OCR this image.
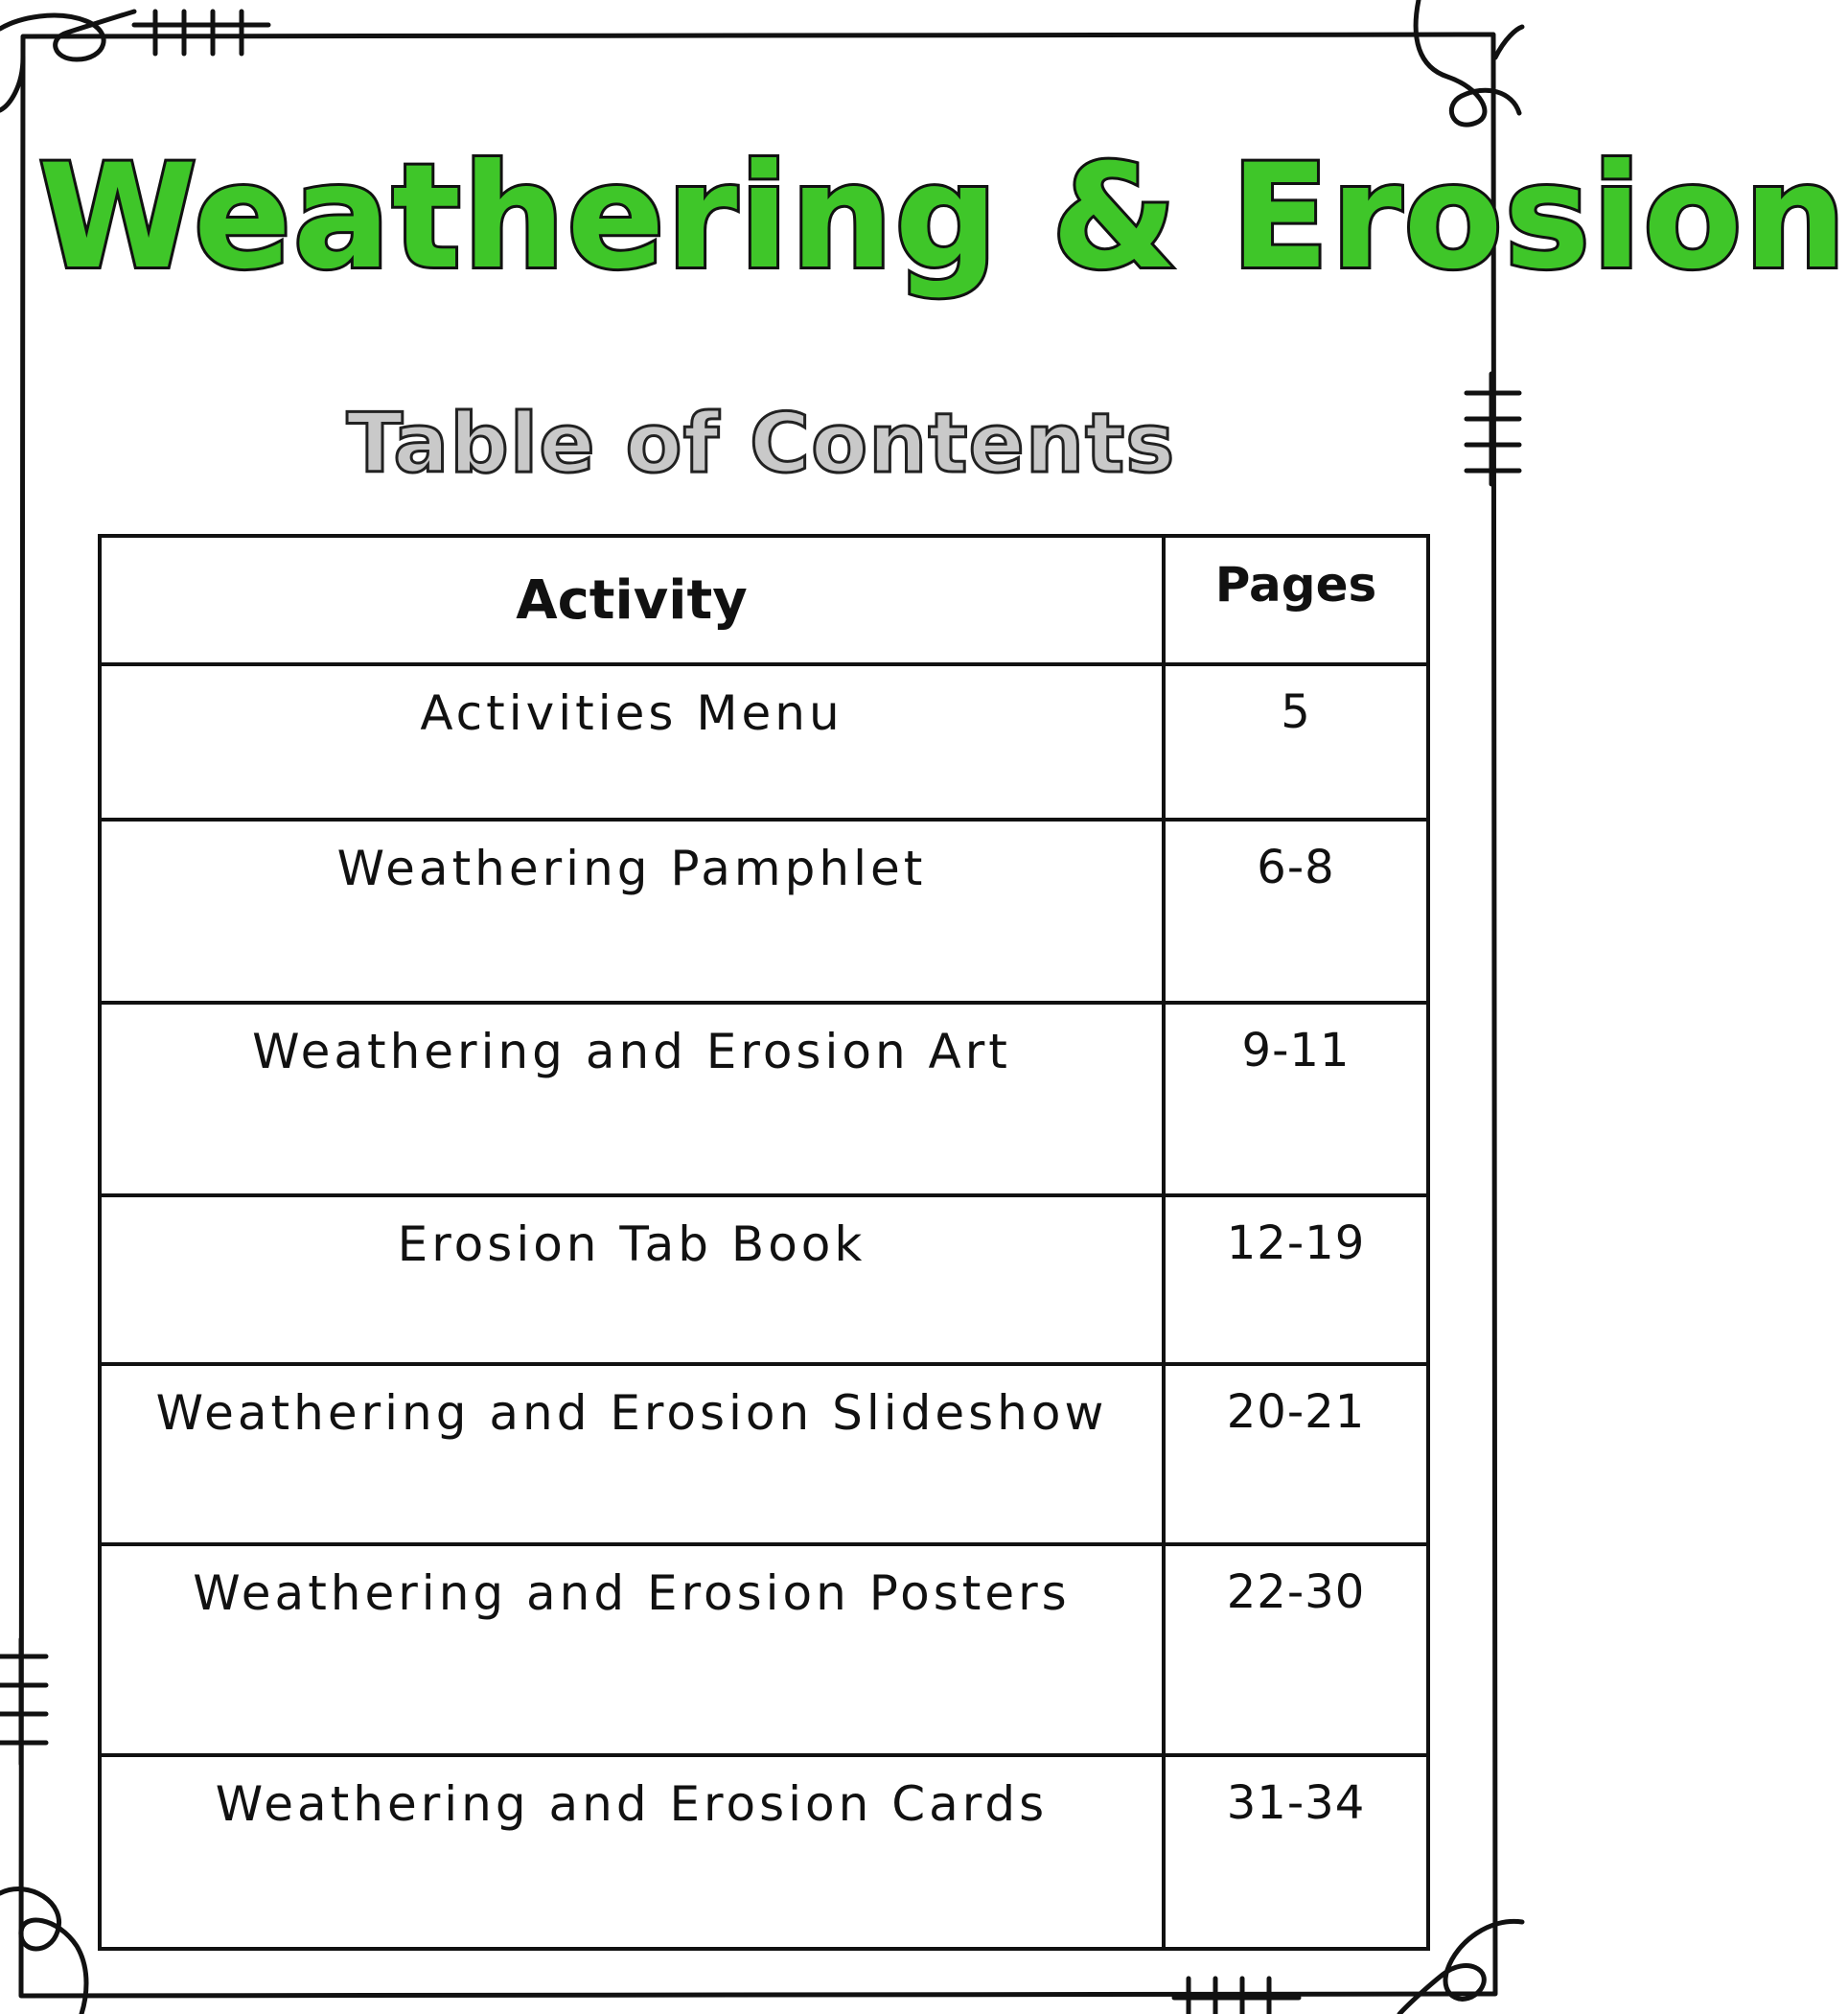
Weathering & Erosion
Table of Contents
Activity	Pages
Activities Menu	5
Weathering Pamphlet	6-8
Weathering and Erosion Art	9-11
Erosion Tab Book	12-19
Weathering and Erosion Slideshow	20-21
Weathering and Erosion Posters	22-30
Weathering and Erosion Cards	31-34
